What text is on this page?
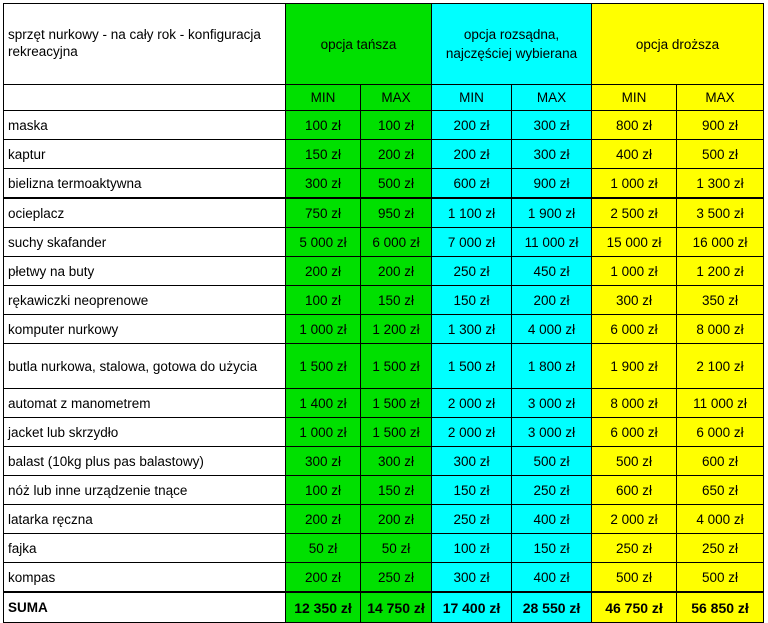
sprzęt nurkowy - na cały rok - konfiguracja rekreacyjna	opcja tańsza		opcja rozsądna, najczęściej wybierana		opcja droższa	
	MIN	MAX	MIN	MAX	MIN	MAX
maska	100 zł	100 zł	200 zł	300 zł	800 zł	900 zł
kaptur	150 zł	200 zł	200 zł	300 zł	400 zł	500 zł
bielizna termoaktywna	300 zł	500 zł	600 zł	900 zł	1 000 zł	1 300 zł
ocieplacz	750 zł	950 zł	1 100 zł	1 900 zł	2 500 zł	3 500 zł
suchy skafander	5 000 zł	6 000 zł	7 000 zł	11 000 zł	15 000 zł	16 000 zł
płetwy na buty	200 zł	200 zł	250 zł	450 zł	1 000 zł	1 200 zł
rękawiczki neoprenowe	100 zł	150 zł	150 zł	200 zł	300 zł	350 zł
komputer nurkowy	1 000 zł	1 200 zł	1 300 zł	4 000 zł	6 000 zł	8 000 zł
butla nurkowa, stalowa, gotowa do użycia	1 500 zł	1 500 zł	1 500 zł	1 800 zł	1 900 zł	2 100 zł
automat z manometrem	1 400 zł	1 500 zł	2 000 zł	3 000 zł	8 000 zł	11 000 zł
jacket lub skrzydło	1 000 zł	1 500 zł	2 000 zł	3 000 zł	6 000 zł	6 000 zł
balast (10kg plus pas balastowy)	300 zł	300 zł	300 zł	500 zł	500 zł	600 zł
nóż lub inne urządzenie tnące	100 zł	150 zł	150 zł	250 zł	600 zł	650 zł
latarka ręczna	200 zł	200 zł	250 zł	400 zł	2 000 zł	4 000 zł
fajka	50 zł	50 zł	100 zł	150 zł	250 zł	250 zł
kompas	200 zł	250 zł	300 zł	400 zł	500 zł	500 zł
SUMA	12 350 zł	14 750 zł	17 400 zł	28 550 zł	46 750 zł	56 850 zł
